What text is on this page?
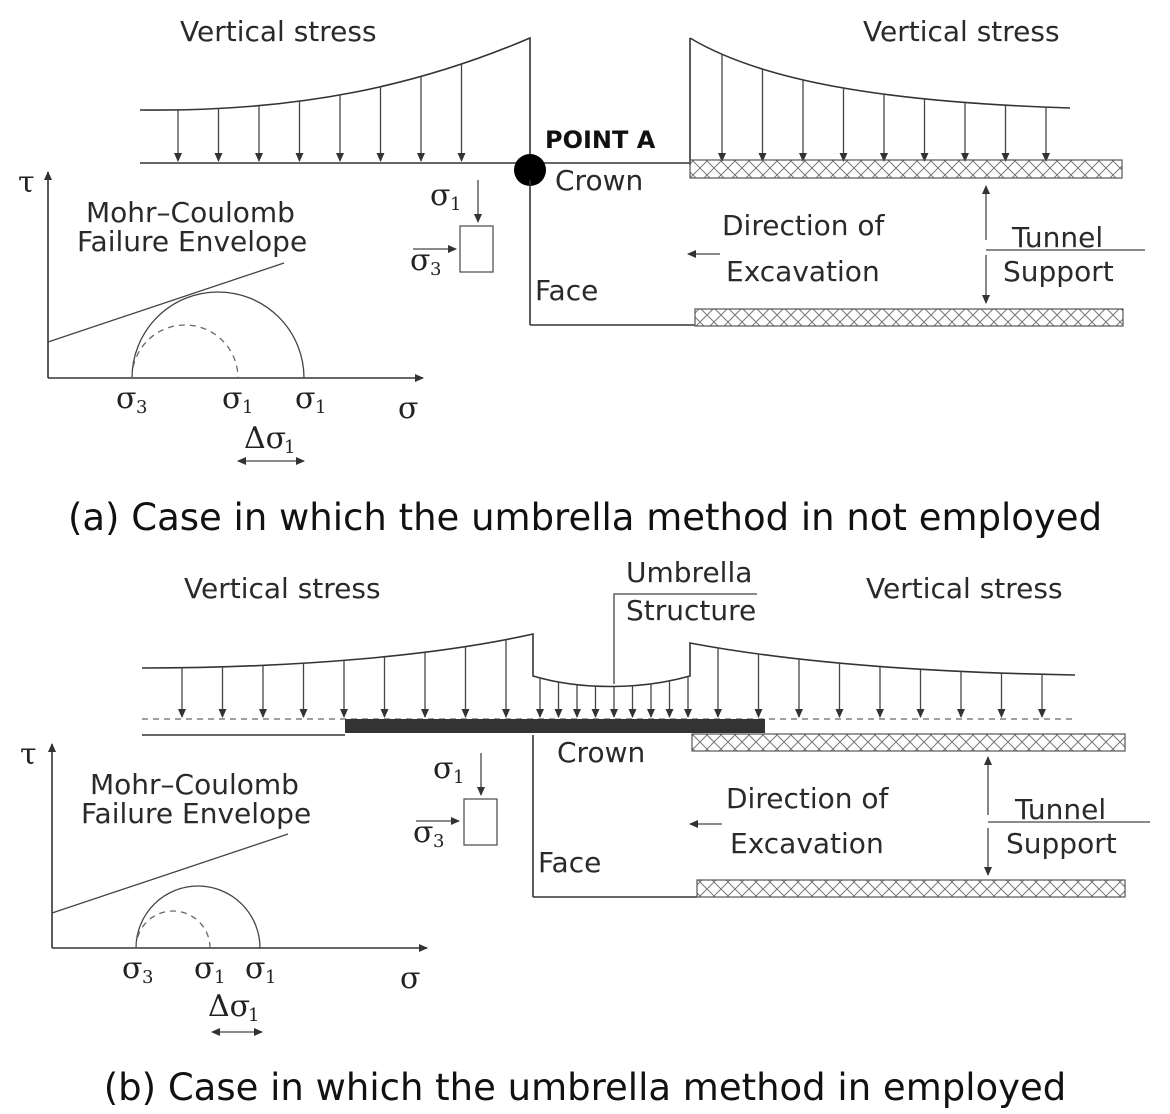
Vertical stress	Vertical stress
POINT A
Crown
Face
Direction of
Excavation
Tunnel
Support
σ 1
σ 3
τ
σ
Mohr–Coulomb
Failure Envelope
σ 3 σ 1 σ 1
Δσ
1
(a) Case in which the umbrella method in not employed
Vertical stress	Vertical stress
Umbrella
Structure
Crown
Face
Direction of
Excavation
Tunnel
Support
σ 1
σ 3
τ
σ
Mohr–Coulomb
Failure Envelope
σ 3 σ 1 σ 1
Δσ
1
(b) Case in which the umbrella method in employed
